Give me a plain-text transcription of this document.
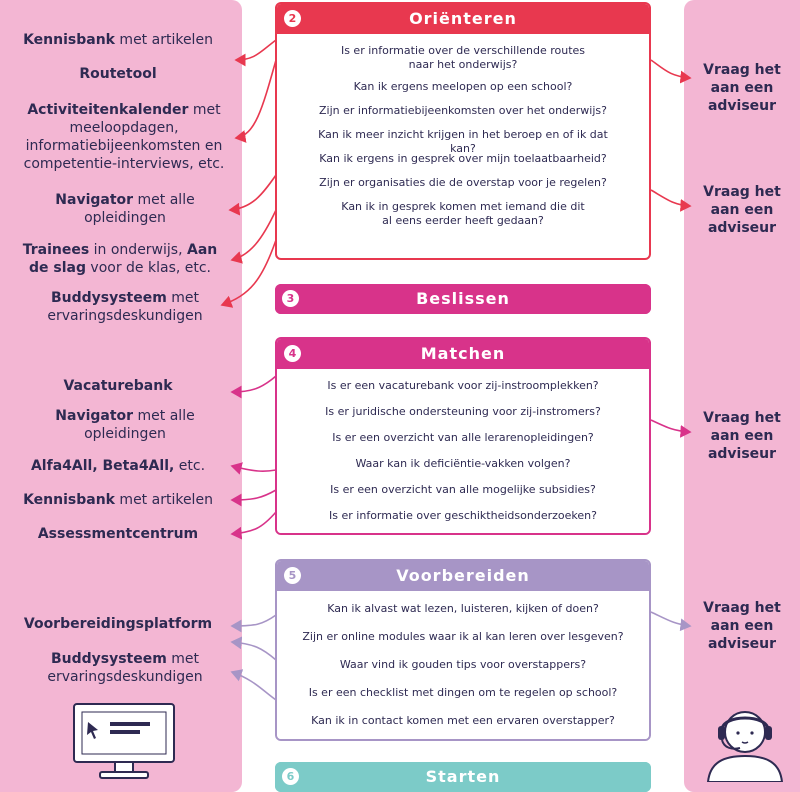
Kennisbank met artikelen
Routetool
Activiteitenkalender met meeloopdagen, informatiebijeenkomsten en competentie-interviews, etc.
Navigator met alle opleidingen
Trainees in onderwijs, Aan de slag voor de klas, etc.
Buddysysteem met ervaringsdeskundigen
Vacaturebank
Navigator met alle opleidingen
Alfa4All, Beta4All, etc.
Kennisbank met artikelen
Assessmentcentrum
Voorbereidingsplatform
Buddysysteem met ervaringsdeskundigen
Vraag het aan een adviseur
Vraag het aan een adviseur
Vraag het aan een adviseur
Vraag het aan een adviseur
2	Oriënteren
Is er informatie over de verschillende routes naar het onderwijs?
Kan ik ergens meelopen op een school?
Zijn er informatiebijeenkomsten over het onderwijs?
Kan ik meer inzicht krijgen in het beroep en of ik dat kan?
Kan ik ergens in gesprek over mijn toelaatbaarheid?
Zijn er organisaties die de overstap voor je regelen?
Kan ik in gesprek komen met iemand die dit al eens eerder heeft gedaan?
3	Beslissen
4	Matchen
Is er een vacaturebank voor zij-instroomplekken?
Is er juridische ondersteuning voor zij-instromers?
Is er een overzicht van alle lerarenopleidingen?
Waar kan ik deficiëntie-vakken volgen?
Is er een overzicht van alle mogelijke subsidies?
Is er informatie over geschiktheidsonderzoeken?
5	Voorbereiden
Kan ik alvast wat lezen, luisteren, kijken of doen?
Zijn er online modules waar ik al kan leren over lesgeven?
Waar vind ik gouden tips voor overstappers?
Is er een checklist met dingen om te regelen op school?
Kan ik in contact komen met een ervaren overstapper?
6	Starten
